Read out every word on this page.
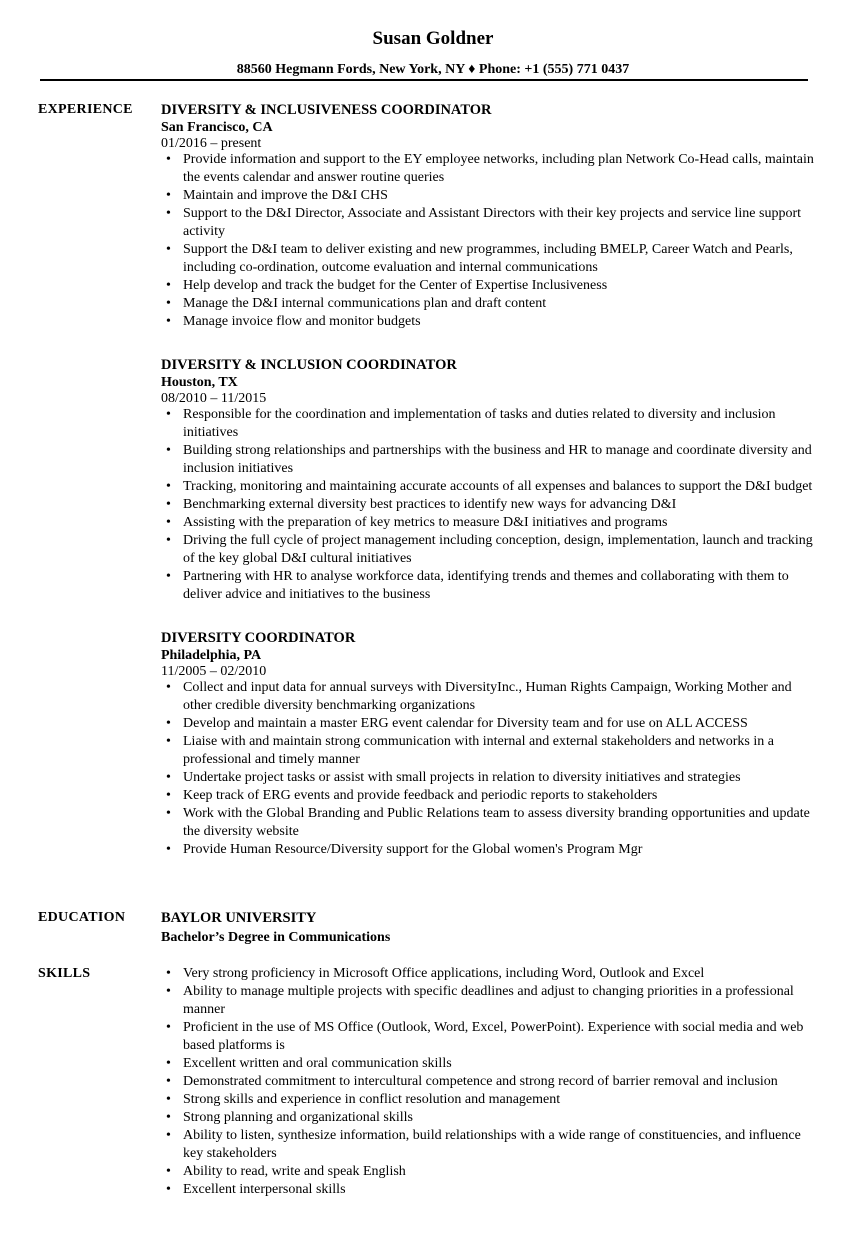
Susan Goldner
88560 Hegmann Fords, New York, NY ♦ Phone: +1 (555) 771 0437
EXPERIENCE DIVERSITY & INCLUSIVENESS COORDINATOR
San Francisco, CA
01/2016 – present
• Provide information and support to the EY employee networks, including plan Network Co-Head calls, maintain the events calendar and answer routine queries
• Maintain and improve the D&I CHS
• Support to the D&I Director, Associate and Assistant Directors with their key projects and service line support activity
• Support the D&I team to deliver existing and new programmes, including BMELP, Career Watch and Pearls, including co-ordination, outcome evaluation and internal communications
• Help develop and track the budget for the Center of Expertise Inclusiveness
• Manage the D&I internal communications plan and draft content
• Manage invoice flow and monitor budgets
DIVERSITY & INCLUSION COORDINATOR
Houston, TX
08/2010 – 11/2015
• Responsible for the coordination and implementation of tasks and duties related to diversity and inclusion initiatives
• Building strong relationships and partnerships with the business and HR to manage and coordinate diversity and inclusion initiatives
• Tracking, monitoring and maintaining accurate accounts of all expenses and balances to support the D&I budget
• Benchmarking external diversity best practices to identify new ways for advancing D&I
• Assisting with the preparation of key metrics to measure D&I initiatives and programs
• Driving the full cycle of project management including conception, design, implementation, launch and tracking of the key global D&I cultural initiatives
• Partnering with HR to analyse workforce data, identifying trends and themes and collaborating with them to deliver advice and initiatives to the business
DIVERSITY COORDINATOR
Philadelphia, PA
11/2005 – 02/2010
• Collect and input data for annual surveys with DiversityInc., Human Rights Campaign, Working Mother and other credible diversity benchmarking organizations
• Develop and maintain a master ERG event calendar for Diversity team and for use on ALL ACCESS
• Liaise with and maintain strong communication with internal and external stakeholders and networks in a professional and timely manner
• Undertake project tasks or assist with small projects in relation to diversity initiatives and strategies
• Keep track of ERG events and provide feedback and periodic reports to stakeholders
• Work with the Global Branding and Public Relations team to assess diversity branding opportunities and update the diversity website
• Provide Human Resource/Diversity support for the Global women's Program Mgr
EDUCATION BAYLOR UNIVERSITY
Bachelor’s Degree in Communications
SKILLS
•	Very strong proficiency in Microsoft Office applications, including Word, Outlook and Excel
• Ability to manage multiple projects with specific deadlines and adjust to changing priorities in a professional manner
• Proficient in the use of MS Office (Outlook, Word, Excel, PowerPoint). Experience with social media and web based platforms is
• Excellent written and oral communication skills
• Demonstrated commitment to intercultural competence and strong record of barrier removal and inclusion
• Strong skills and experience in conflict resolution and management
• Strong planning and organizational skills
• Ability to listen, synthesize information, build relationships with a wide range of constituencies, and influence key stakeholders
• Ability to read, write and speak English
• Excellent interpersonal skills
